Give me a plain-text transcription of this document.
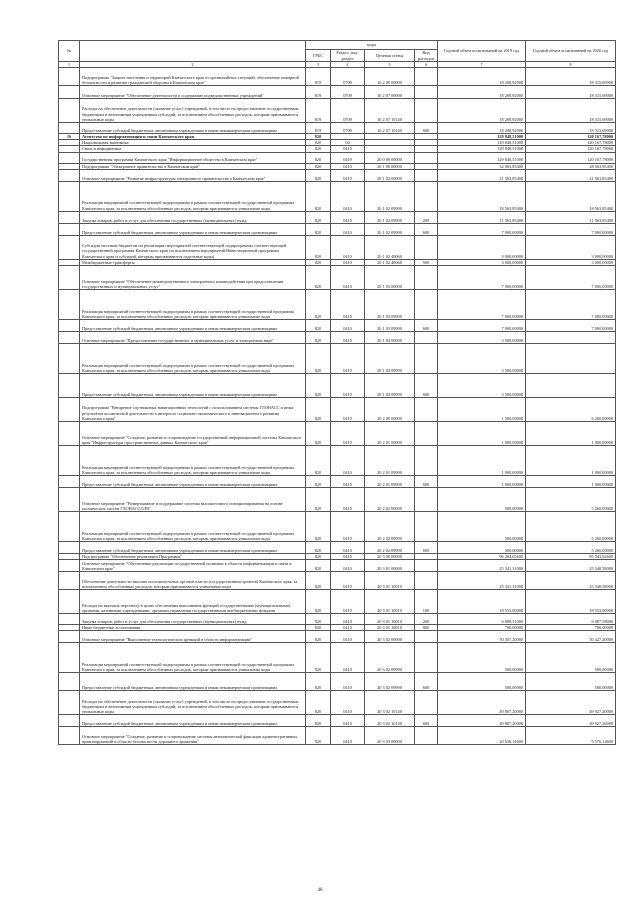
№		коды				Годовой объем ассигнований на 2019 год	Годовой объем ассигнований на 2020 год
		ГРБС	Раздел, под-раздел	Целевая статья	Вид расходов		
1	2	3	4	5	6	7	8
	Подпрограмма "Защита населения и территорий Камчатского края от чрезвычайных ситуаций, обеспечение пожарной безопасности и развитие гражданской обороны в Камчатском крае"	819	0709	16 2 00 00000		18 208,92000	18 315,69000
	Основное мероприятие "Обеспечение деятельности и содержание подведомственных учреждений"	819	0709	16 2 07 00000		18 208,92000	18 315,69000
	Расходы на обеспечение деятельности (оказание услуг) учреждений, в том числе на предоставление государственным бюджетным и автономным учреждениям субсидий, за исключением обособленных расходов, которым присваиваются уникальные коды	819	0709	16 2 07 10140		18 208,92000	18 315,69000
	Предоставление субсидий бюджетным, автономным учреждениям и иным некоммерческим организациям	819	0709	16 2 07 10140	600	18 208,92000	18 315,69000
16	Агентство по информатизации и связи Камчатского края	820				129 848,51000	120 167,78000
	Национальная экономика	820	04			129 848,51000	120 167,78000
	Связь и информатика	820	0410			129 848,51000	120 167,78000
	Государственная программа Камчатского края "Информационное общество в Камчатском крае"	820	0410	20 0 00 00000		129 848,51000	120 167,78000
	Подпрограмма "Электронное правительство в Камчатском крае"	820	0410	20 1 00 00000		32 063,85400	28 563,85400
	Основное мероприятие "Развитие инфраструктуры электронного правительства в Камчатском крае"	820	0410	20 1 02 00000		21 563,85400	21 563,85400
	Реализация мероприятий соответствующей подпрограммы в рамках соответствующей государственной программы Камчатского края, за исключением обособленных расходов, которым присваиваются уникальные коды	820	0410	20 1 02 09990		18 563,85400	18 563,85400
	Закупка товаров, работ и услуг для обеспечения государственных (муниципальных) нужд	820	0410	20 1 02 09990	200	11 563,85400	11 563,85400
	Предоставление субсидий бюджетным, автономным учреждениям и иным некоммерческим организациям	820	0410	20 1 02 09990	600	7 000,00000	7 000,00000
	Субсидии местным бюджетам на реализацию мероприятий соответствующей подпрограммы соответствующей государственной программы Камчатского края (за исключением мероприятий Инвестиционной программы Камчатского края и субсидий, которым присваиваются отдельные коды)	820	0410	20 1 02 40060		3 000,00000	3 000,00000
	Межбюджетные трансферты	820	0410	20 1 02 40060	500	3 000,00000	3 000,00000
	Основное мероприятие "Обеспечение межведомственного электронного взаимодействия при предоставлении государственных и муниципальных услуг"	820	0410	20 1 03 00000		7 000,00000	7 000,00000
	Реализация мероприятий соответствующей подпрограммы в рамках соответствующей государственной программы Камчатского края, за исключением обособленных расходов, которым присваиваются уникальные коды	820	0410	20 1 03 09990		7 000,00000	7 000,00000
	Предоставление субсидий бюджетным, автономным учреждениям и иным некоммерческим организациям	820	0410	20 1 03 09990	600	7 000,00000	7 000,00000
	Основное мероприятие "Предоставление государственных и муниципальных услуг в электронном виде"	820	0410	20 1 04 00000		3 500,00000	
	Реализация мероприятий соответствующей подпрограммы в рамках соответствующей государственной программы Камчатского края, за исключением обособленных расходов, которым присваиваются уникальные коды	820	0410	20 1 04 09990		3 500,00000	
	Предоставление субсидий бюджетным, автономным учреждениям и иным некоммерческим организациям	820	0410	20 1 04 09990	600	3 500,00000	
	Подпрограмма "Внедрение спутниковых навигационных технологий с использованием системы ГЛОНАСС и иных результатов космической деятельности в интересах социально-экономического и инновационного развития Камчатского края"	820	0410	20 2 00 00000		1 500,00000	6 260,00000
	Основное мероприятие "Создание, развитие и сопровождение государственной информационной системы Камчатского края "Инфраструктура пространственных данных Камчатского края"	820	0410	20 2 01 00000		1 000,00000	1 000,00000
	Реализация мероприятий соответствующей подпрограммы в рамках соответствующей государственной программы Камчатского края, за исключением обособленных расходов, которым присваиваются уникальные коды	820	0410	20 2 01 09990		1 000,00000	1 000,00000
	Предоставление субсидий бюджетным, автономным учреждениям и иным некоммерческим организациям	820	0410	20 2 01 09990	600	1 000,00000	1 000,00000
	Основное мероприятие "Развертывание и поддержание системы высокоточного позиционирования на основе космических систем ГЛОНАСС/GPS"	820	0410	20 2 02 00000		500,00000	5 260,00000
	Реализация мероприятий соответствующей подпрограммы в рамках соответствующей государственной программы Камчатского края, за исключением обособленных расходов, которым присваиваются уникальные коды	820	0410	20 2 02 09990		500,00000	5 260,00000
	Предоставление субсидий бюджетным, автономным учреждениям и иным некоммерческим организациям	820	0410	20 2 02 09990	600	500,00000	5 260,00000
	Подпрограмма "Обеспечение реализации Программы"	820	0410	20 3 00 00000		96 284,65600	85 343,92600
	Основное мероприятие "Обеспечение реализации государственной политики в области информатизации и связи в Камчатском крае"	820	0410	20 3 01 00000		25 341,31000	25 340,58000
	Обеспечение деятельности высших исполнительных органов власти (государственных органов) Камчатского края, за исключением обособленных расходов, которым присваиваются уникальные коды	820	0410	20 3 01 10010		25 341,31000	25 340,58000
	Расходы на выплаты персоналу в целях обеспечения выполнения функций государственными (муниципальными) органами, казенными учреждениями, органами управления государственными внебюджетными фондами	820	0410	20 3 01 10010	100	18 553,00000	18 553,00000
	Закупка товаров, работ и услуг для обеспечения государственных (муниципальных) нужд	820	0410	20 3 01 10010	200	6 088,31000	6 087,58000
	Иные бюджетные ассигнования	820	0410	20 3 01 10010	800	700,00000	700,00000
	Основное мероприятие "Выполнение технологических функций в области информатизации"	820	0410	20 3 02 00000		50 307,20000	50 427,20000
	Реализация мероприятий соответствующей подпрограммы в рамках соответствующей государственной программы Камчатского края, за исключением обособленных расходов, которым присваиваются уникальные коды	820	0410	20 3 02 09990		500,00000	500,00000
	Предоставление субсидий бюджетным, автономным учреждениям и иным некоммерческим организациям	820	0410	20 3 02 09990	600	500,00000	500,00000
	Расходы на обеспечение деятельности (оказание услуг) учреждений, в том числе на предоставление государственным бюджетным и автономным учреждениям субсидий, за исключением обособленных расходов, которым присваиваются уникальные коды	820	0410	20 3 02 10140		49 807,20000	49 927,20000
	Предоставление субсидий бюджетным, автономным учреждениям и иным некоммерческим организациям	820	0410	20 3 02 10140	600	49 807,20000	49 927,20000
	Основное мероприятие "Создание, развитие и сопровождение системы автоматической фиксации административных правонарушений в области безопасности дорожного движения"	820	0410	20 3 03 00000		20 636,14600	9 576,14600
48
